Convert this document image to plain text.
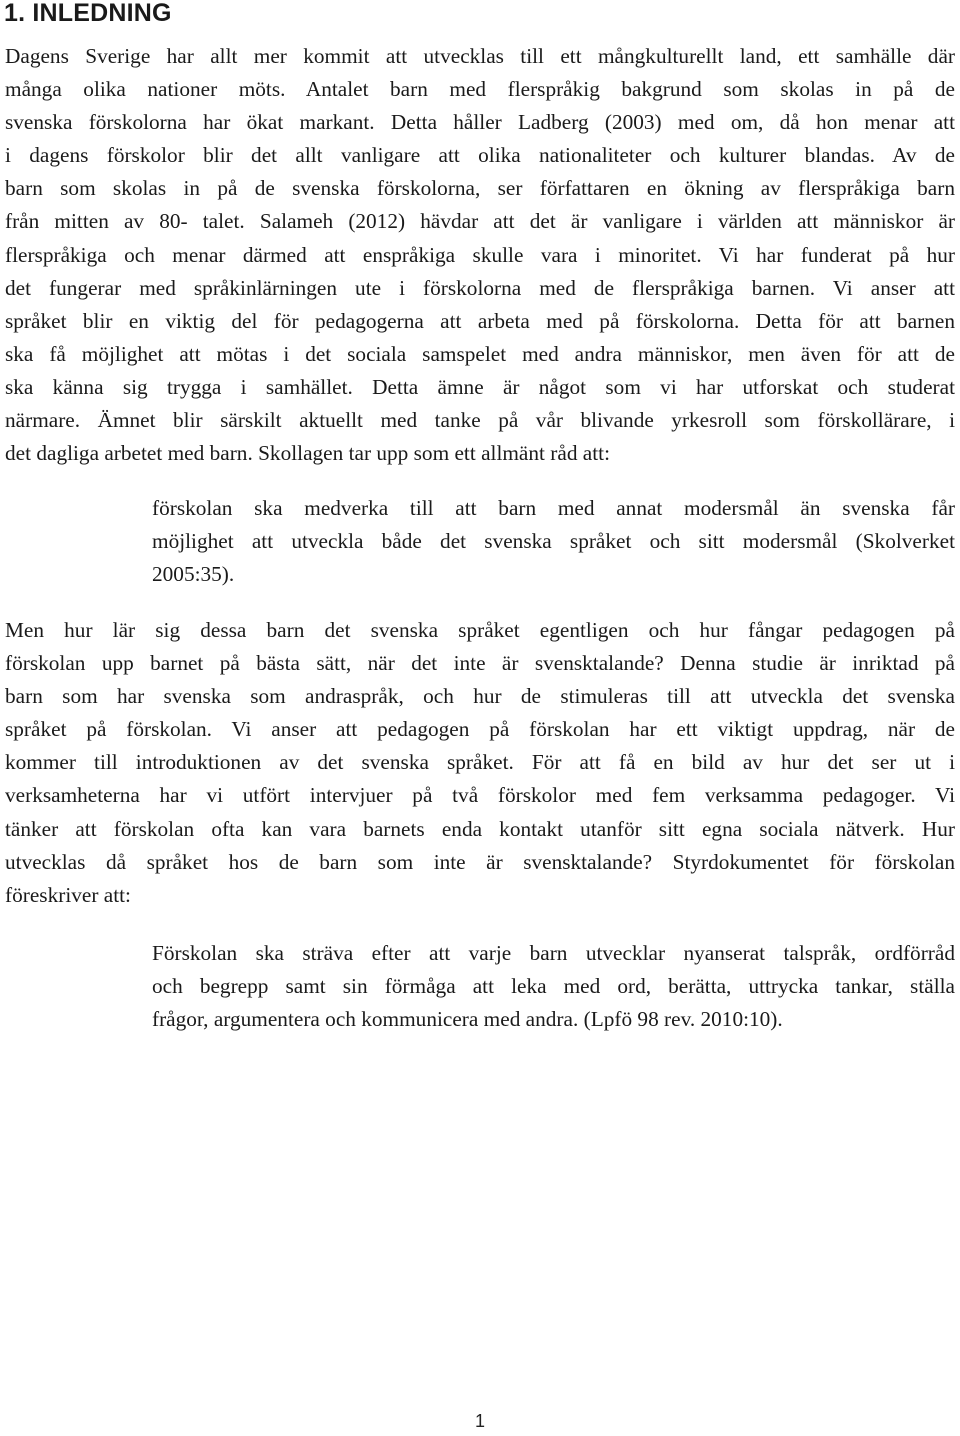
1. INLEDNING

Dagens Sverige har allt mer kommit att utvecklas till ett mångkulturellt land, ett samhälle där
många olika nationer möts. Antalet barn med flerspråkig bakgrund som skolas in på de
svenska förskolorna har ökat markant. Detta håller Ladberg (2003) med om, då hon menar att
i dagens förskolor blir det allt vanligare att olika nationaliteter och kulturer blandas. Av de
barn som skolas in på de svenska förskolorna, ser författaren en ökning av flerspråkiga barn
från mitten av 80- talet. Salameh (2012) hävdar att det är vanligare i världen att människor är
flerspråkiga och menar därmed att enspråkiga skulle vara i minoritet. Vi har funderat på hur
det fungerar med språkinlärningen ute i förskolorna med de flerspråkiga barnen. Vi anser att
språket blir en viktig del för pedagogerna att arbeta med på förskolorna. Detta för att barnen
ska få möjlighet att mötas i det sociala samspelet med andra människor, men även för att de
ska känna sig trygga i samhället. Detta ämne är något som vi har utforskat och studerat
närmare. Ämnet blir särskilt aktuellt med tanke på vår blivande yrkesroll som förskollärare, i
det dagliga arbetet med barn. Skollagen tar upp som ett allmänt råd att:

förskolan ska medverka till att barn med annat modersmål än svenska får
möjlighet att utveckla både det svenska språket och sitt modersmål (Skolverket
2005:35).

Men hur lär sig dessa barn det svenska språket egentligen och hur fångar pedagogen på
förskolan upp barnet på bästa sätt, när det inte är svensktalande? Denna studie är inriktad på
barn som har svenska som andraspråk, och hur de stimuleras till att utveckla det svenska
språket på förskolan. Vi anser att pedagogen på förskolan har ett viktigt uppdrag, när de
kommer till introduktionen av det svenska språket. För att få en bild av hur det ser ut i
verksamheterna har vi utfört intervjuer på två förskolor med fem verksamma pedagoger. Vi
tänker att förskolan ofta kan vara barnets enda kontakt utanför sitt egna sociala nätverk. Hur
utvecklas då språket hos de barn som inte är svensktalande? Styrdokumentet för förskolan
föreskriver att:

Förskolan ska sträva efter att varje barn utvecklar nyanserat talspråk, ordförråd
och begrepp samt sin förmåga att leka med ord, berätta, uttrycka tankar, ställa
frågor, argumentera och kommunicera med andra. (Lpfö 98 rev. 2010:10).
1
